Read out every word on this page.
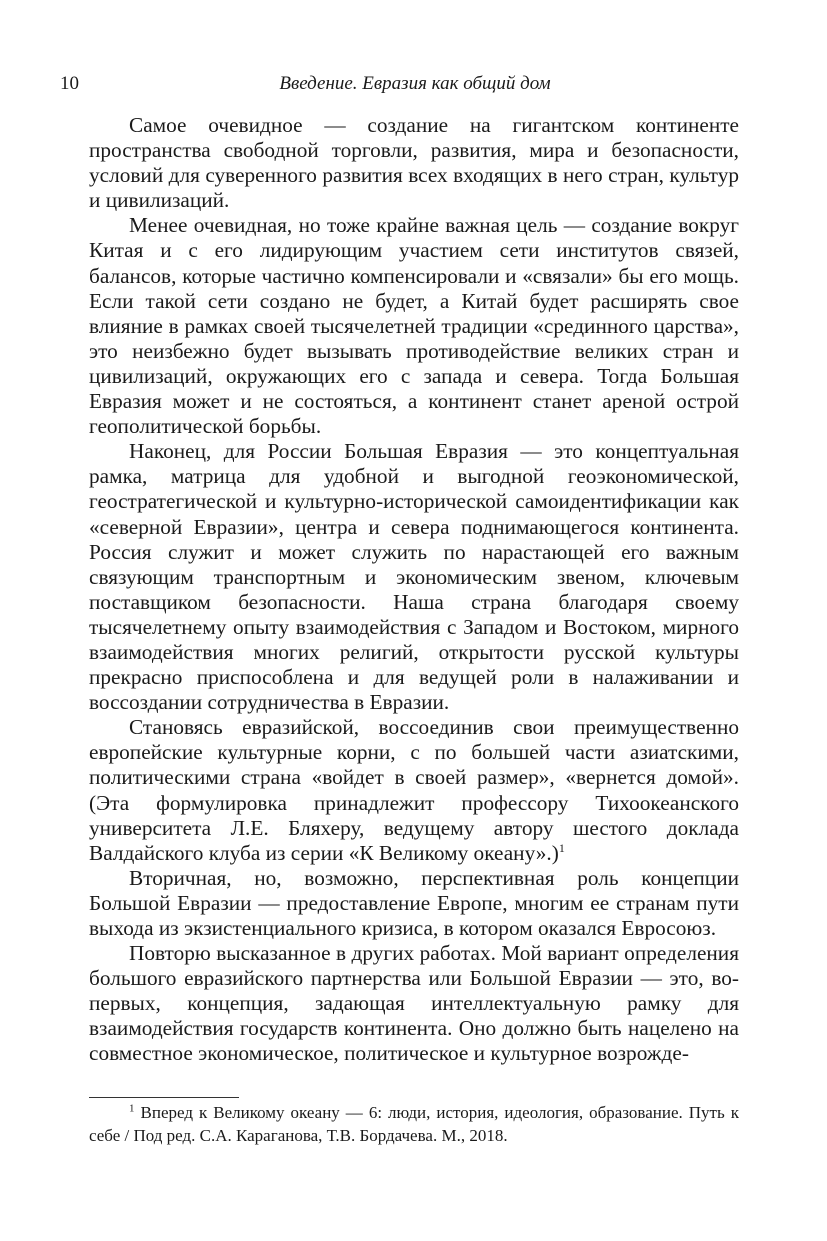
10	Введение. Евразия как общий дом

Самое очевидное — создание на гигантском континенте пространства свободной торговли, развития, мира и безопасности, условий для суверенного развития всех входящих в него стран, культур и цивилизаций.

Менее очевидная, но тоже крайне важная цель — создание вокруг Китая и с его лидирующим участием сети институтов связей, балансов, которые частично компенсировали и «связали» бы его мощь. Если такой сети создано не будет, а Китай будет расширять свое влияние в рамках своей тысячелетней традиции «срединного царства», это неизбежно будет вызывать противодействие великих стран и цивилизаций, окружающих его с запада и севера. Тогда Большая Евразия может и не состояться, а континент станет ареной острой геополитической борьбы.

Наконец, для России Большая Евразия — это концептуальная рамка, матрица для удобной и выгодной геоэкономической, геостратегической и культурно-исторической самоидентификации как «северной Евразии», центра и севера поднимающегося континента. Россия служит и может служить по нарастающей его важным связующим транспортным и экономическим звеном, ключевым поставщиком безопасности. Наша страна благодаря своему тысячелетнему опыту взаимодействия с Западом и Востоком, мирного взаимодействия многих религий, открытости русской культуры прекрасно приспособлена и для ведущей роли в налаживании и воссоздании сотрудничества в Евразии.

Становясь евразийской, воссоединив свои преимущественно европейские культурные корни, с по большей части азиатскими, политическими страна «войдет в своей размер», «вернется домой». (Эта формулировка принадлежит профессору Тихоокеанского университета Л.Е. Бляхеру, ведущему автору шестого доклада Валдайского клуба из серии «К Великому океану».)$^1$

Вторичная, но, возможно, перспективная роль концепции Большой Евразии — предоставление Европе, многим ее странам пути выхода из экзистенциального кризиса, в котором оказался Евросоюз.

Повторю высказанное в других работах. Мой вариант определения большого евразийского партнерства или Большой Евразии — это, во-первых, концепция, задающая интеллектуальную рамку для взаимодействия государств континента. Оно должно быть нацелено на совместное экономическое, политическое и культурное возрожде-

$^1$ Вперед к Великому океану — 6: люди, история, идеология, образование. Путь к себе / Под ред. С.А. Караганова, Т.В. Бордачева. М., 2018.
